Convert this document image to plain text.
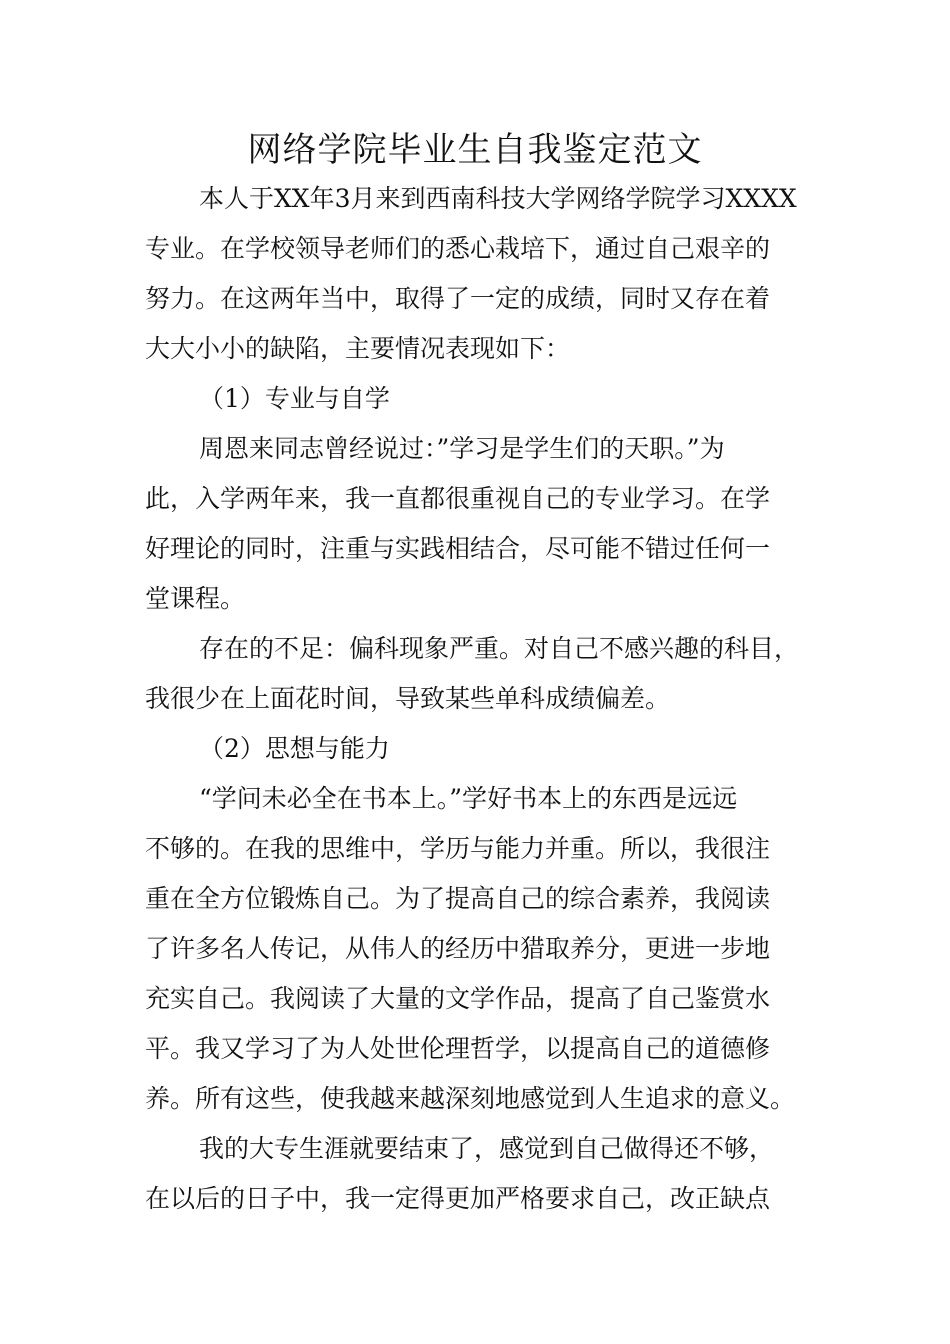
网络学院毕业生自我鉴定范文

本人于XX年3月来到西南科技大学网络学院学习XXXX

专业。在学校领导老师们的悉心栽培下，通过自己艰辛的

努力。在这两年当中，取得了一定的成绩，同时又存在着

大大小小的缺陷，主要情况表现如下：

（1）专业与自学

周恩来同志曾经说过：”学习是学生们的天职。”为

此，入学两年来，我一直都很重视自己的专业学习。在学

好理论的同时，注重与实践相结合，尽可能不错过任何一

堂课程。

存在的不足：偏科现象严重。对自己不感兴趣的科目，

我很少在上面花时间，导致某些单科成绩偏差。

（2）思想与能力

“学问未必全在书本上。”学好书本上的东西是远远

不够的。在我的思维中，学历与能力并重。所以，我很注

重在全方位锻炼自己。为了提高自己的综合素养，我阅读

了许多名人传记，从伟人的经历中猎取养分，更进一步地

充实自己。我阅读了大量的文学作品，提高了自己鉴赏水

平。我又学习了为人处世伦理哲学，以提高自己的道德修

养。所有这些，使我越来越深刻地感觉到人生追求的意义。

我的大专生涯就要结束了，感觉到自己做得还不够，

在以后的日子中，我一定得更加严格要求自己，改正缺点
